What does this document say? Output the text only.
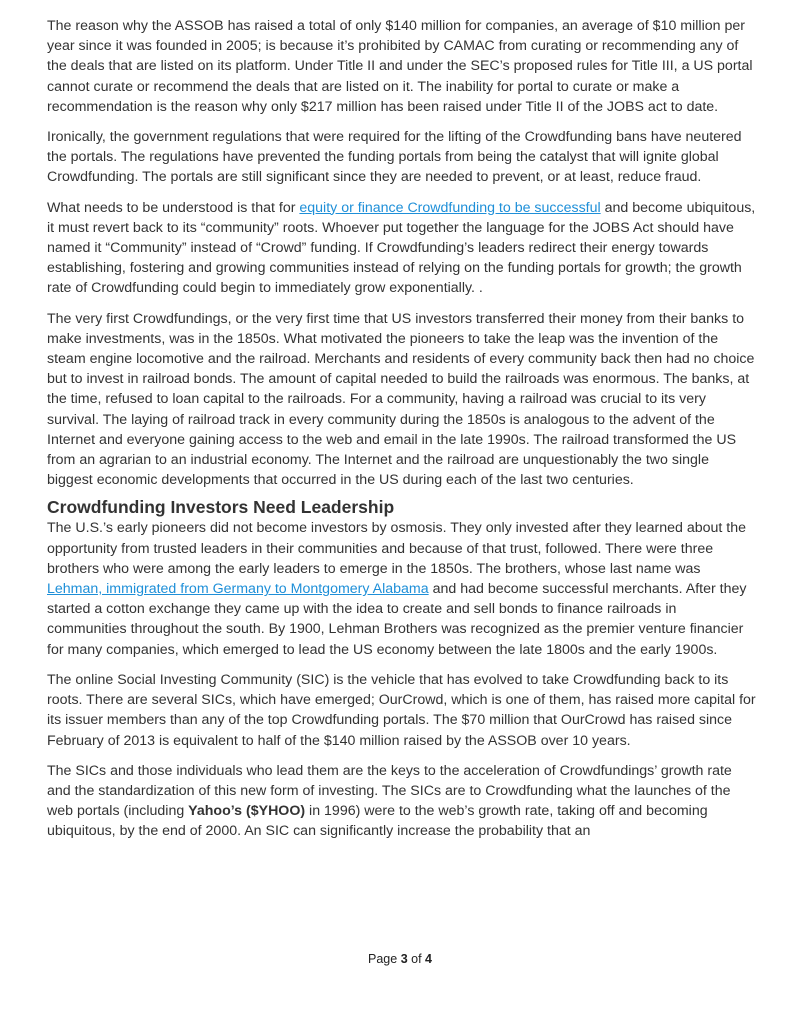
The reason why the ASSOB has raised a total of only $140 million for companies, an average of $10 million per year since it was founded in 2005; is because it’s prohibited by CAMAC from curating or recommending any of the deals that are listed on its platform. Under Title II and under the SEC’s proposed rules for Title III, a US portal cannot curate or recommend the deals that are listed on it. The inability for portal to curate or make a recommendation is the reason why only $217 million has been raised under Title II of the JOBS act to date.

Ironically, the government regulations that were required for the lifting of the Crowdfunding bans have neutered the portals. The regulations have prevented the funding portals from being the catalyst that will ignite global Crowdfunding. The portals are still significant since they are needed to prevent, or at least, reduce fraud.

What needs to be understood is that for equity or finance Crowdfunding to be successful and become ubiquitous, it must revert back to its “community” roots. Whoever put together the language for the JOBS Act should have named it “Community” instead of “Crowd” funding. If Crowdfunding’s leaders redirect their energy towards establishing, fostering and growing communities instead of relying on the funding portals for growth; the growth rate of Crowdfunding could begin to immediately grow exponentially. .

The very first Crowdfundings, or the very first time that US investors transferred their money from their banks to make investments, was in the 1850s. What motivated the pioneers to take the leap was the invention of the steam engine locomotive and the railroad. Merchants and residents of every community back then had no choice but to invest in railroad bonds. The amount of capital needed to build the railroads was enormous. The banks, at the time, refused to loan capital to the railroads. For a community, having a railroad was crucial to its very survival. The laying of railroad track in every community during the 1850s is analogous to the advent of the Internet and everyone gaining access to the web and email in the late 1990s. The railroad transformed the US from an agrarian to an industrial economy. The Internet and the railroad are unquestionably the two single biggest economic developments that occurred in the US during each of the last two centuries.

Crowdfunding Investors Need Leadership

The U.S.’s early pioneers did not become investors by osmosis. They only invested after they learned about the opportunity from trusted leaders in their communities and because of that trust, followed. There were three brothers who were among the early leaders to emerge in the 1850s. The brothers, whose last name was Lehman, immigrated from Germany to Montgomery Alabama and had become successful merchants. After they started a cotton exchange they came up with the idea to create and sell bonds to finance railroads in communities throughout the south. By 1900, Lehman Brothers was recognized as the premier venture financier for many companies, which emerged to lead the US economy between the late 1800s and the early 1900s.

The online Social Investing Community (SIC) is the vehicle that has evolved to take Crowdfunding back to its roots. There are several SICs, which have emerged; OurCrowd, which is one of them, has raised more capital for its issuer members than any of the top Crowdfunding portals. The $70 million that OurCrowd has raised since February of 2013 is equivalent to half of the $140 million raised by the ASSOB over 10 years.

The SICs and those individuals who lead them are the keys to the acceleration of Crowdfundings’ growth rate and the standardization of this new form of investing. The SICs are to Crowdfunding what the launches of the web portals (including Yahoo’s ($YHOO) in 1996) were to the web’s growth rate, taking off and becoming ubiquitous, by the end of 2000. An SIC can significantly increase the probability that an

Page 3 of 4
